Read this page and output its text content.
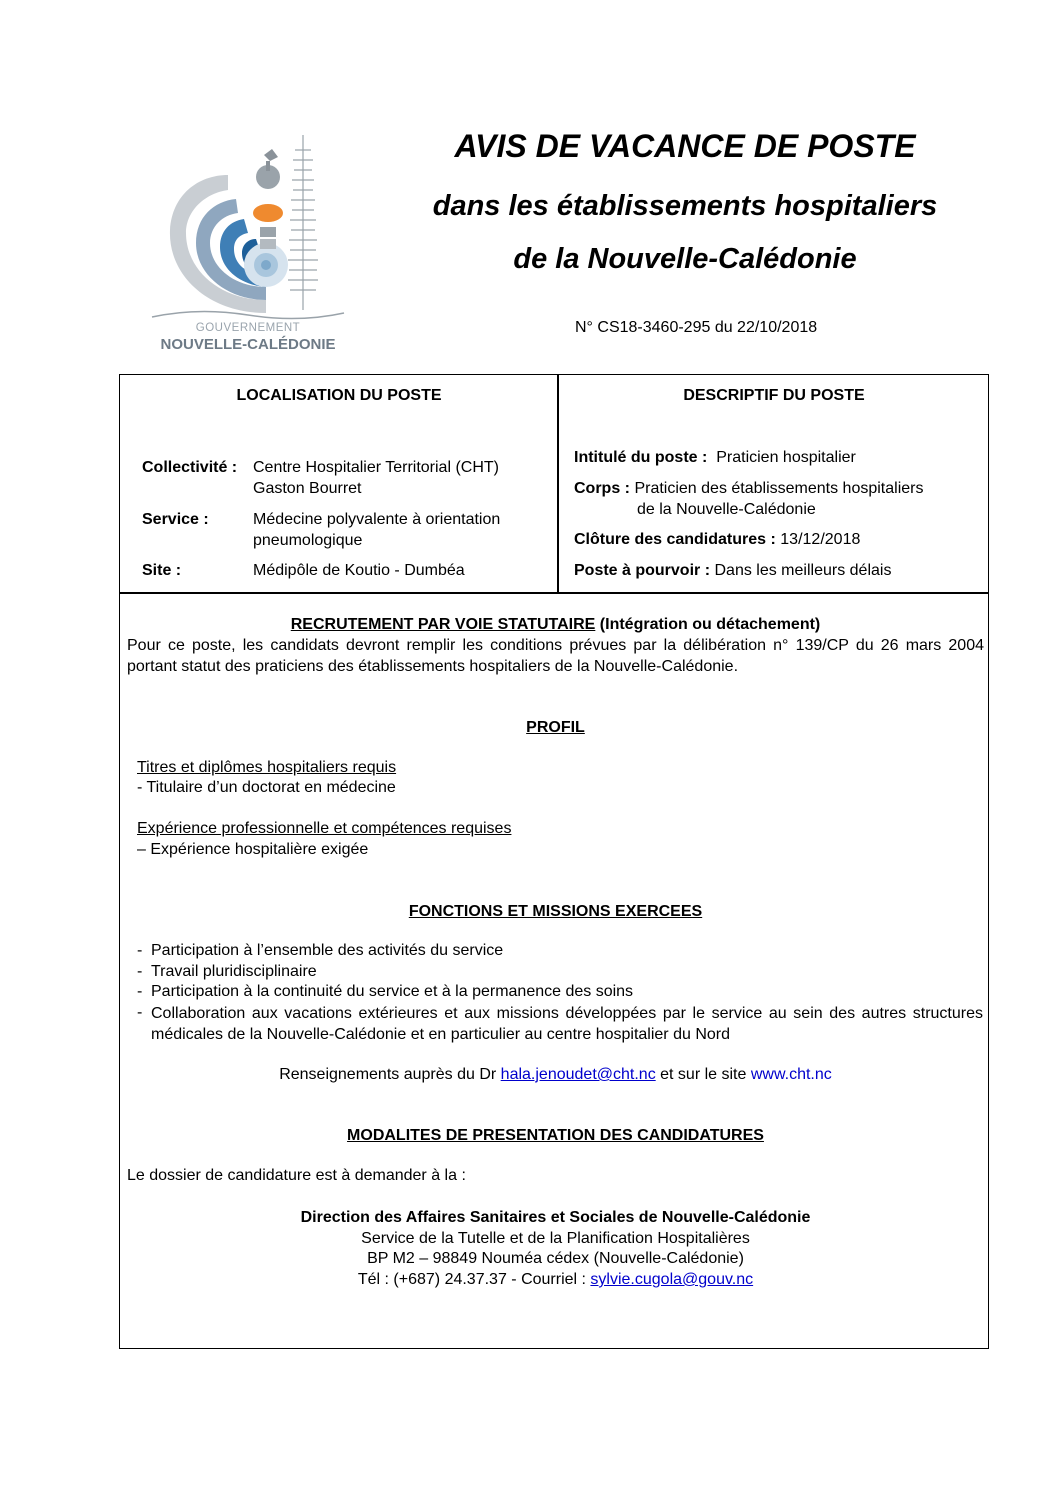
GOUVERNEMENT
NOUVELLE-CALÉDONIE
AVIS DE VACANCE DE POSTE
dans les établissements hospitaliers
de la Nouvelle-Calédonie
N° CS18-3460-295 du 22/10/2018
LOCALISATION DU POSTE
Collectivité : Centre Hospitalier Territorial (CHT)
Gaston Bourret
Service :	Médecine polyvalente à orientation
pneumologique
Site :	Médipôle de Koutio - Dumbéa
DESCRIPTIF DU POSTE
Intitulé du poste : Praticien hospitalier
Corps : Praticien des établissements hospitaliers
de la Nouvelle-Calédonie
Clôture des candidatures : 13/12/2018
Poste à pourvoir : Dans les meilleurs délais
RECRUTEMENT PAR VOIE STATUTAIRE (Intégration ou détachement)
Pour ce poste, les candidats devront remplir les conditions prévues par la délibération n° 139/CP du 26 mars 2004 portant statut des praticiens des établissements hospitaliers de la Nouvelle-Calédonie.
PROFIL
Titres et diplômes hospitaliers requis
- Titulaire d’un doctorat en médecine
Expérience professionnelle et compétences requises
– Expérience hospitalière exigée
FONCTIONS ET MISSIONS EXERCEES
- Participation à l’ensemble des activités du service
- Travail pluridisciplinaire
- Participation à la continuité du service et à la permanence des soins
- Collaboration aux vacations extérieures et aux missions développées par le service au sein des autres structures médicales de la Nouvelle-Calédonie et en particulier au centre hospitalier du Nord
Renseignements auprès du Dr hala.jenoudet@cht.nc et sur le site www.cht.nc
MODALITES DE PRESENTATION DES CANDIDATURES
Le dossier de candidature est à demander à la :
Direction des Affaires Sanitaires et Sociales de Nouvelle-Calédonie
Service de la Tutelle et de la Planification Hospitalières
BP M2 – 98849 Nouméa cédex (Nouvelle-Calédonie)
Tél : (+687) 24.37.37 - Courriel : sylvie.cugola@gouv.nc
